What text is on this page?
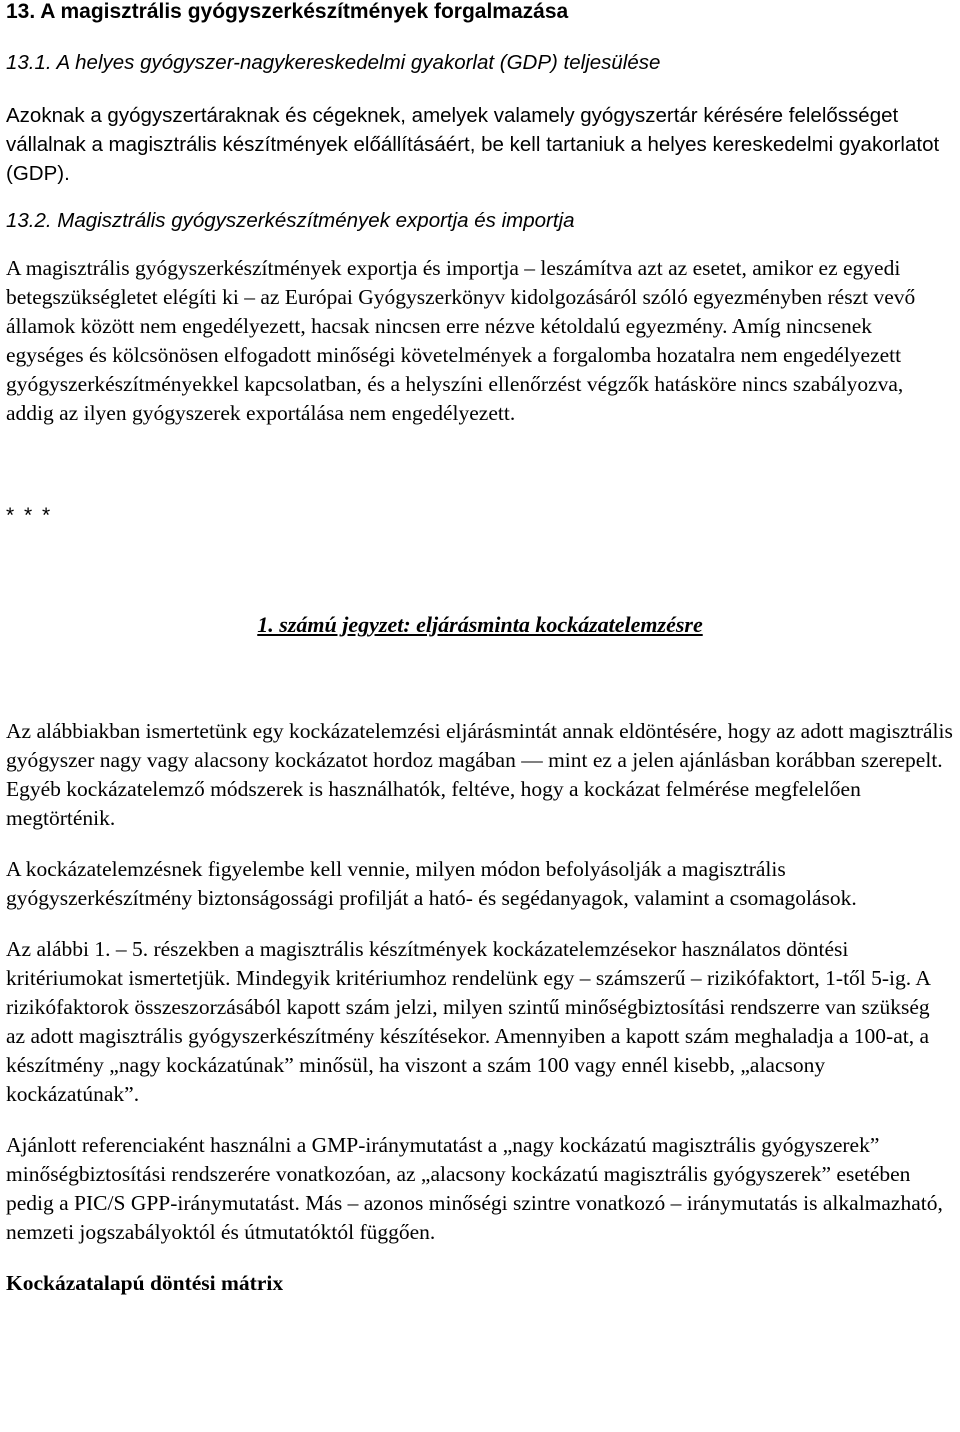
13. A magisztrális gyógyszerkészítmények forgalmazása

13.1. A helyes gyógyszer-nagykereskedelmi gyakorlat (GDP) teljesülése

Azoknak a gyógyszertáraknak és cégeknek, amelyek valamely gyógyszertár kérésére felelősséget vállalnak a magisztrális készítmények előállításáért, be kell tartaniuk a helyes kereskedelmi gyakorlatot (GDP).

13.2. Magisztrális gyógyszerkészítmények exportja és importja

A magisztrális gyógyszerkészítmények exportja és importja – leszámítva azt az esetet, amikor ez egyedi betegszükségletet elégíti ki – az Európai Gyógyszerkönyv kidolgozásáról szóló egyezményben részt vevő államok között nem engedélyezett, hacsak nincsen erre nézve kétoldalú egyezmény. Amíg nincsenek egységes és kölcsönösen elfogadott minőségi követelmények a forgalomba hozatalra nem engedélyezett gyógyszerkészítményekkel kapcsolatban, és a helyszíni ellenőrzést végzők hatásköre nincs szabályozva, addig az ilyen gyógyszerek exportálása nem engedélyezett.

* * *

1. számú jegyzet: eljárásminta kockázatelemzésre

Az alábbiakban ismertetünk egy kockázatelemzési eljárásmintát annak eldöntésére, hogy az adott magisztrális gyógyszer nagy vagy alacsony kockázatot hordoz magában — mint ez a jelen ajánlásban korábban szerepelt. Egyéb kockázatelemző módszerek is használhatók, feltéve, hogy a kockázat felmérése megfelelően megtörténik.

A kockázatelemzésnek figyelembe kell vennie, milyen módon befolyásolják a magisztrális gyógyszerkészítmény biztonságossági profilját a ható- és segédanyagok, valamint a csomagolások.

Az alábbi 1. – 5. részekben a magisztrális készítmények kockázatelemzésekor használatos döntési kritériumokat ismertetjük. Mindegyik kritériumhoz rendelünk egy – számszerű – rizikófaktort, 1-től 5-ig. A rizikófaktorok összeszorzásából kapott szám jelzi, milyen szintű minőségbiztosítási rendszerre van szükség az adott magisztrális gyógyszerkészítmény készítésekor. Amennyiben a kapott szám meghaladja a 100-at, a készítmény „nagy kockázatúnak” minősül, ha viszont a szám 100 vagy ennél kisebb, „alacsony kockázatúnak”.

Ajánlott referenciaként használni a GMP-iránymutatást a „nagy kockázatú magisztrális gyógyszerek” minőségbiztosítási rendszerére vonatkozóan, az „alacsony kockázatú magisztrális gyógyszerek” esetében pedig a PIC/S GPP-iránymutatást. Más – azonos minőségi szintre vonatkozó – iránymutatás is alkalmazható, nemzeti jogszabályoktól és útmutatóktól függően.

Kockázatalapú döntési mátrix
